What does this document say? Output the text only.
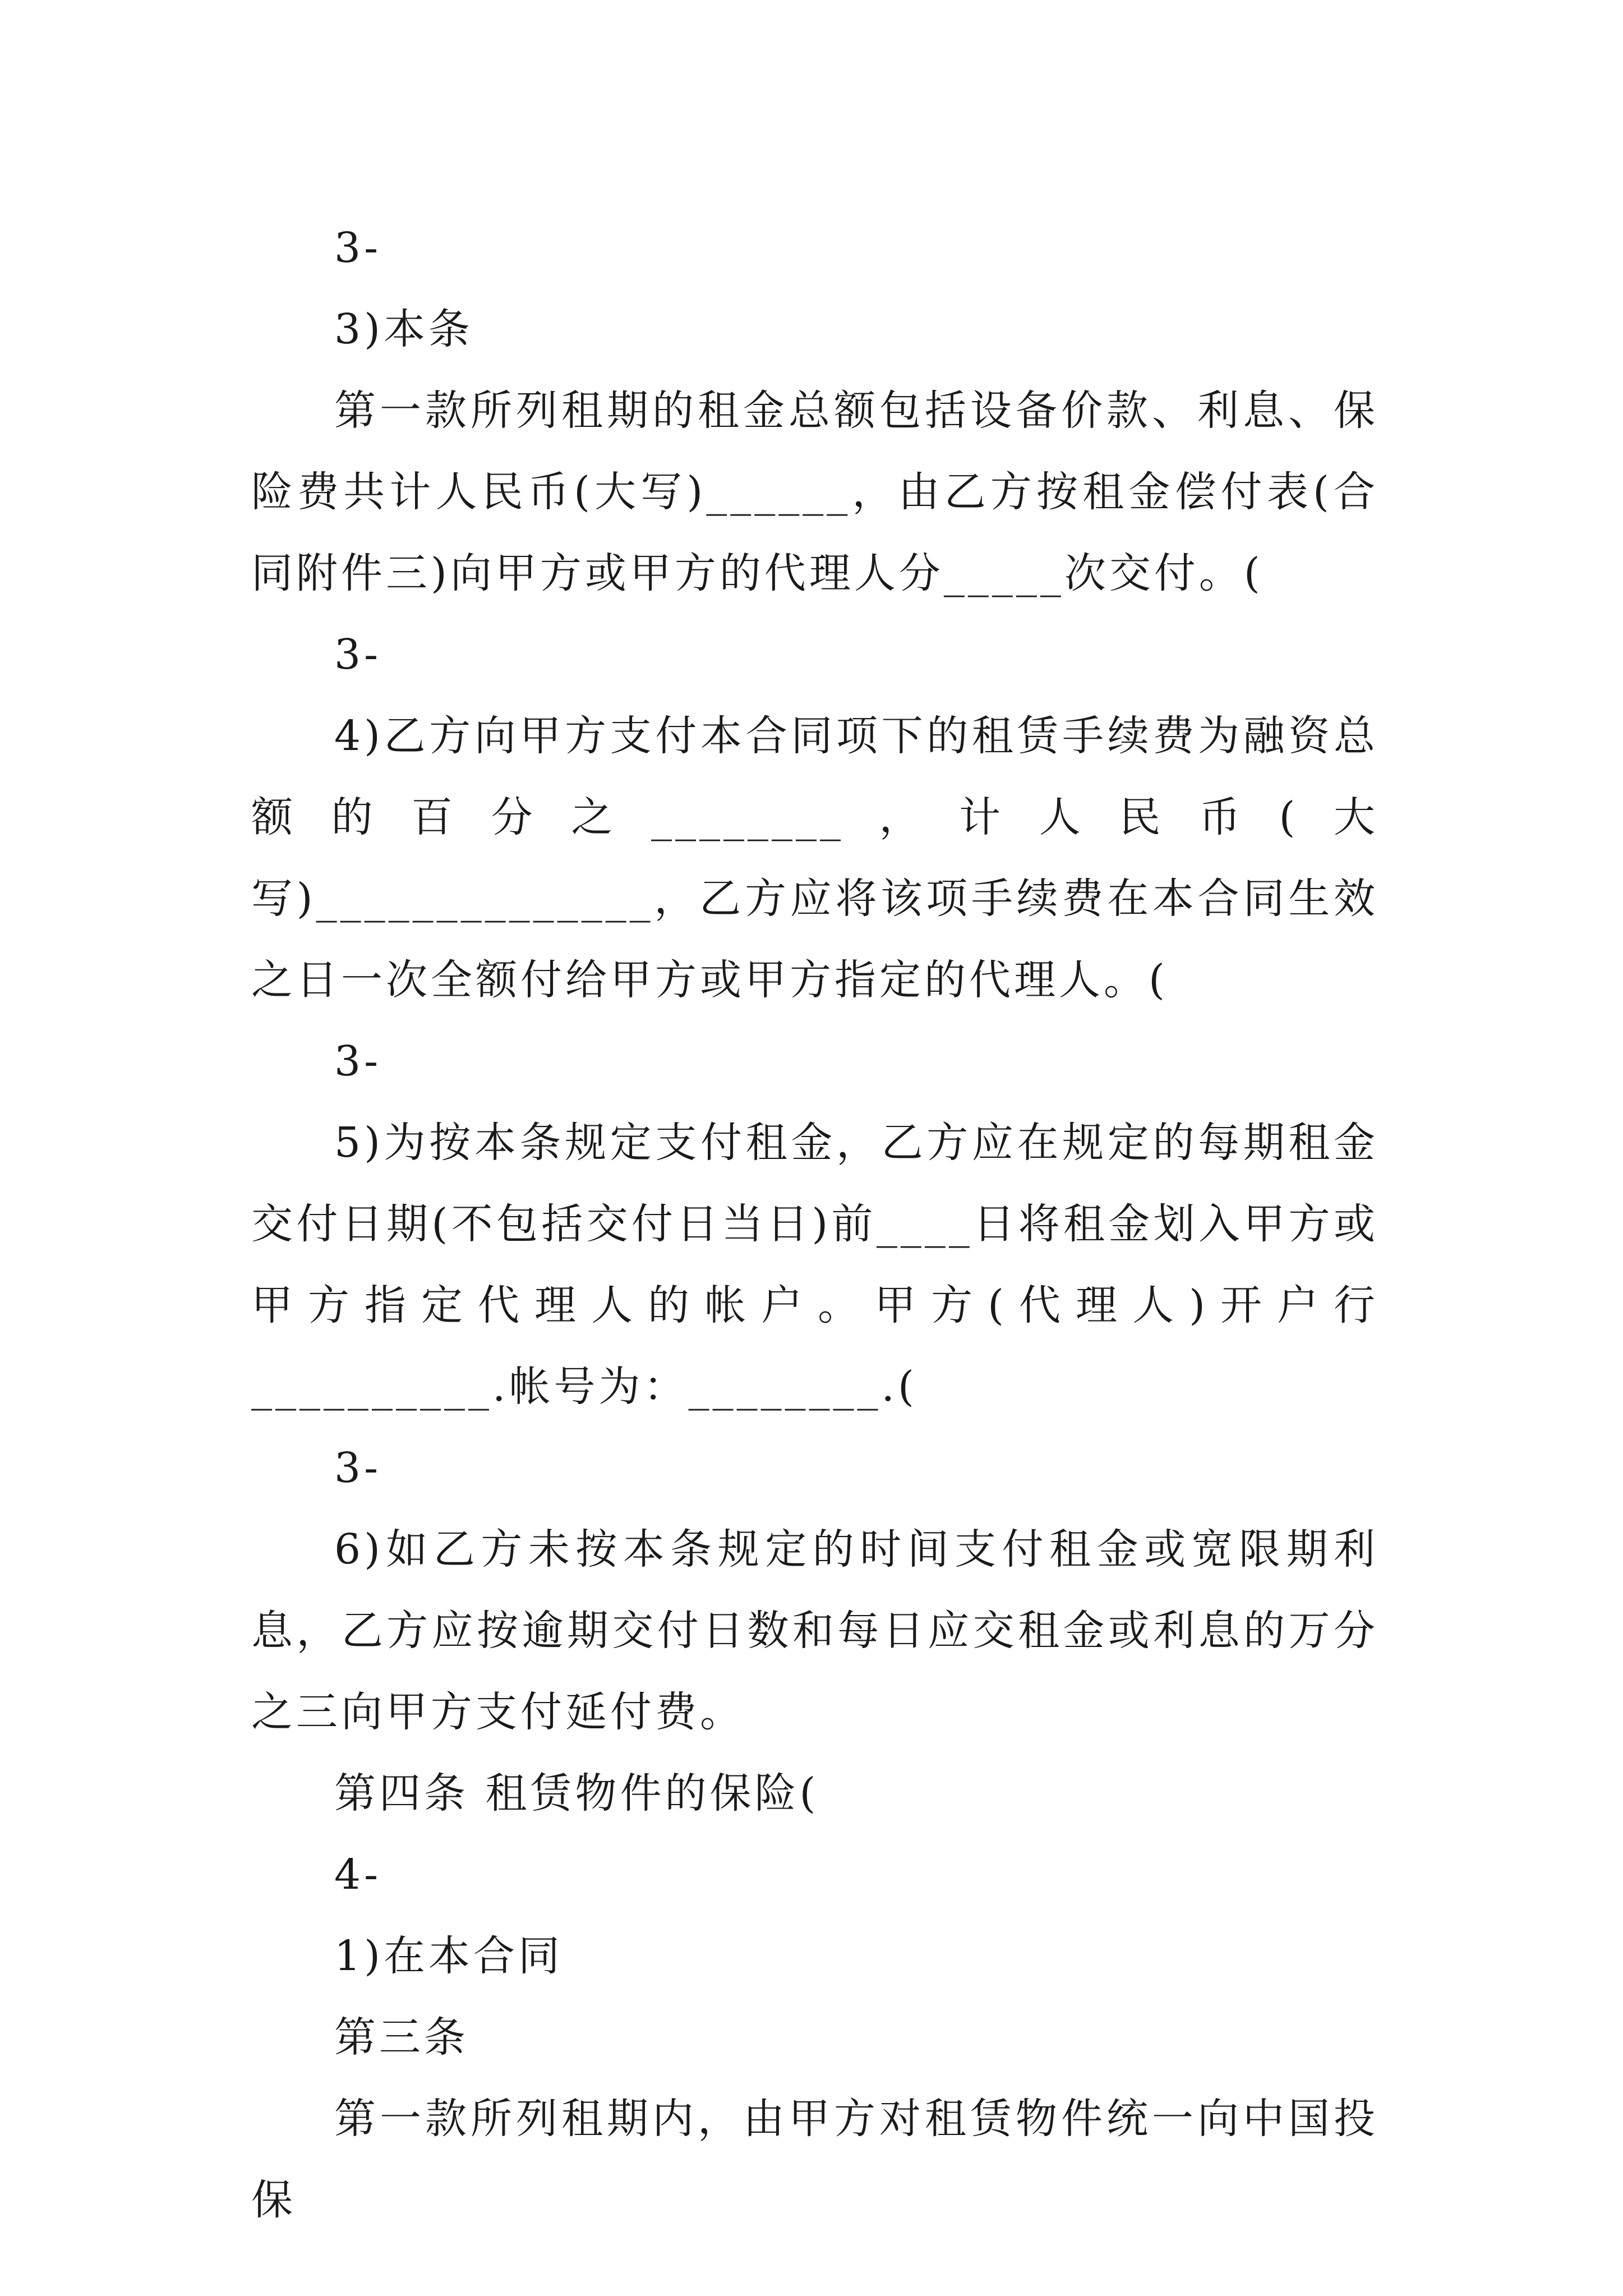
3-

3)本条

第一款所列租期的租金总额包括设备价款、利息、保险费共计人民币(大写)______，由乙方按租金偿付表(合同附件三)向甲方或甲方的代理人分_____次交付。(

3-

4)乙方向甲方支付本合同项下的租赁手续费为融资总额的百分之________，计人民币(大写)______________，乙方应将该项手续费在本合同生效之日一次全额付给甲方或甲方指定的代理人。(

3-

5)为按本条规定支付租金，乙方应在规定的每期租金交付日期(不包括交付日当日)前____日将租金划入甲方或甲方指定代理人的帐户。甲方(代理人)开户行__________.帐号为：________.(

3-

6)如乙方未按本条规定的时间支付租金或宽限期利息，乙方应按逾期交付日数和每日应交租金或利息的万分之三向甲方支付延付费。

第四条 租赁物件的保险(

4-

1)在本合同

第三条

第一款所列租期内，由甲方对租赁物件统一向中国投保
